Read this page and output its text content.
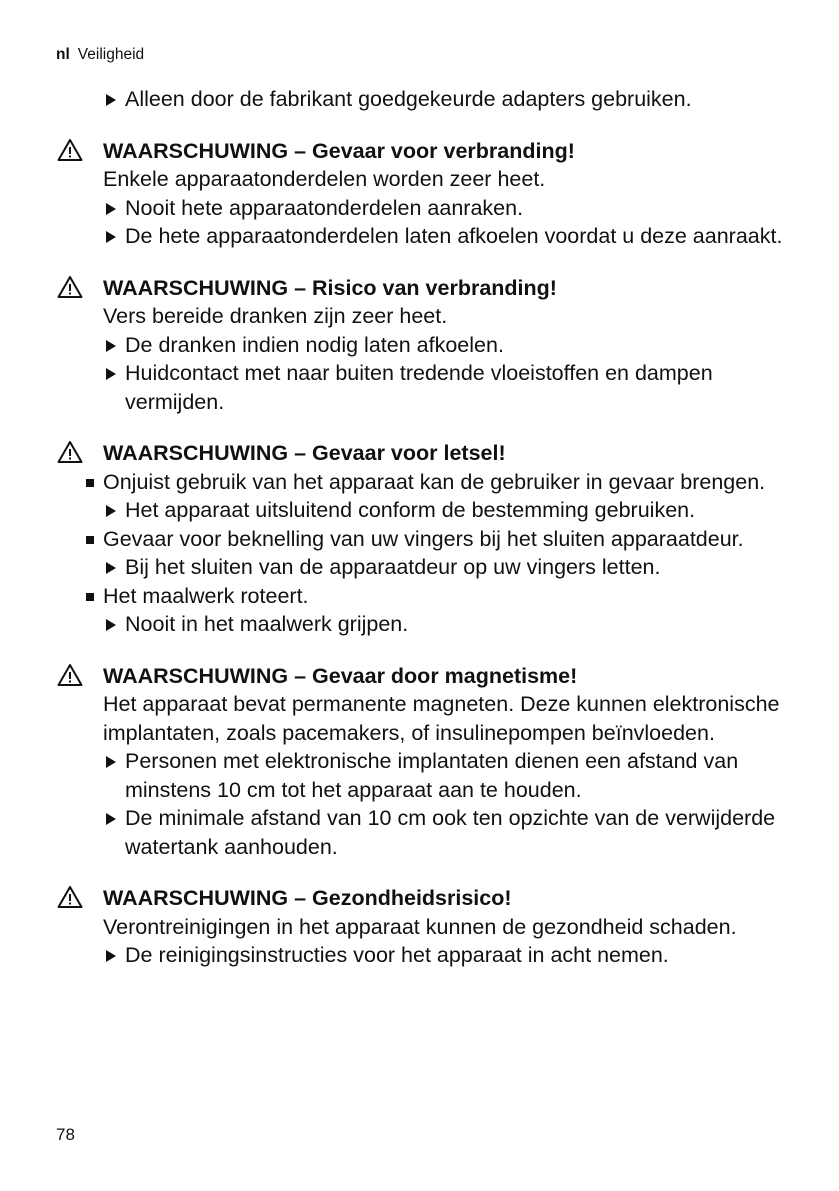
nl Veiligheid

Alleen door de fabrikant goedgekeurde adapters gebruiken.

WAARSCHUWING – Gevaar voor verbranding!

Enkele apparaatonderdelen worden zeer heet.

Nooit hete apparaatonderdelen aanraken.

De hete apparaatonderdelen laten afkoelen voordat u deze aanraakt.

WAARSCHUWING – Risico van verbranding!

Vers bereide dranken zijn zeer heet.

De dranken indien nodig laten afkoelen.

Huidcontact met naar buiten tredende vloeistoffen en dampen vermijden.

WAARSCHUWING – Gevaar voor letsel!

Onjuist gebruik van het apparaat kan de gebruiker in gevaar brengen.

Het apparaat uitsluitend conform de bestemming gebruiken.

Gevaar voor beknelling van uw vingers bij het sluiten apparaatdeur.

Bij het sluiten van de apparaatdeur op uw vingers letten.

Het maalwerk roteert.

Nooit in het maalwerk grijpen.

WAARSCHUWING – Gevaar door magnetisme!

Het apparaat bevat permanente magneten. Deze kunnen elektronische implantaten, zoals pacemakers, of insulinepompen beïnvloeden.

Personen met elektronische implantaten dienen een afstand van minstens 10 cm tot het apparaat aan te houden.

De minimale afstand van 10 cm ook ten opzichte van de verwijderde watertank aanhouden.

WAARSCHUWING – Gezondheidsrisico!

Verontreinigingen in het apparaat kunnen de gezondheid schaden.

De reinigingsinstructies voor het apparaat in acht nemen.

78
